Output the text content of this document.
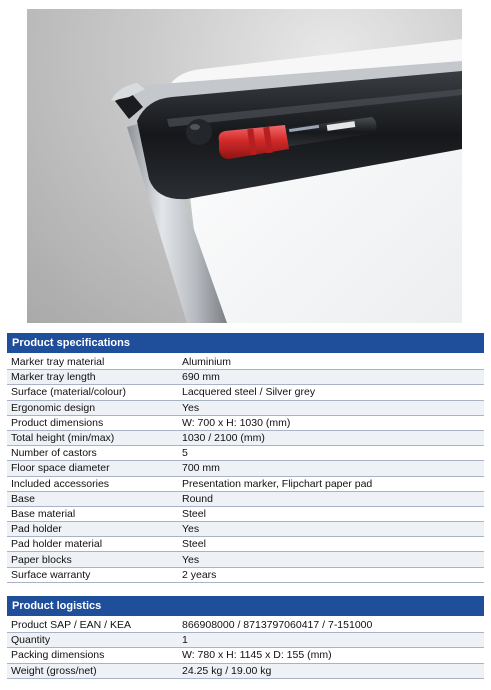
Product specifications
Marker tray material	Aluminium
Marker tray length	690 mm
Surface (material/colour)	Lacquered steel / Silver grey
Ergonomic design	Yes
Product dimensions	W: 700 x H: 1030 (mm)
Total height (min/max)	1030 / 2100 (mm)
Number of castors	5
Floor space diameter	700 mm
Included accessories	Presentation marker, Flipchart paper pad
Base	Round
Base material	Steel
Pad holder	Yes
Pad holder material	Steel
Paper blocks	Yes
Surface warranty	2 years
Product logistics
Product SAP / EAN / KEA	866908000 / 8713797060417 / 7-151000
Quantity	1
Packing dimensions	W: 780 x H: 1145 x D: 155 (mm)
Weight (gross/net)	24.25 kg / 19.00 kg
